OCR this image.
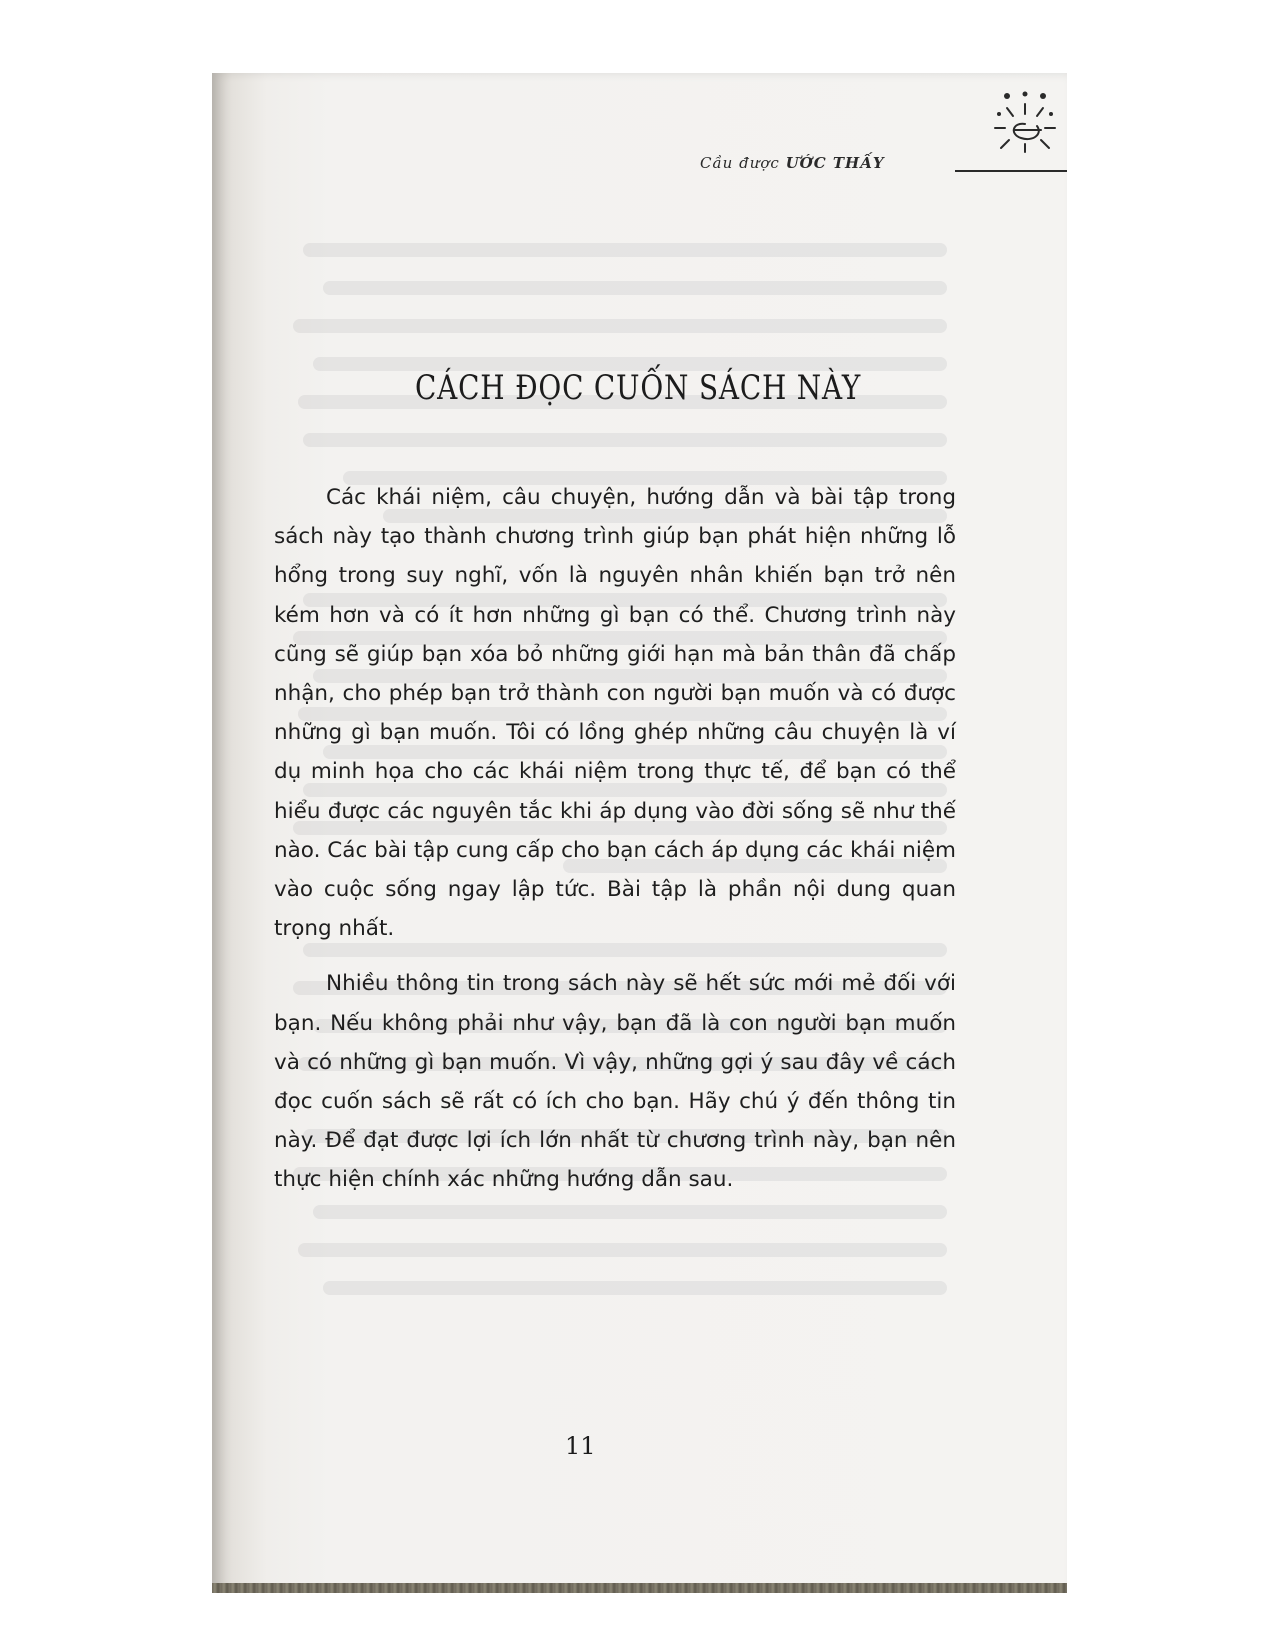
Cầu được ƯỚC THẤY
CÁCH ĐỌC CUỐN SÁCH NÀY

Các khái niệm, câu chuyện, hướng dẫn và bài tập trong sách này tạo thành chương trình giúp bạn phát hiện những lỗ hổng trong suy nghĩ, vốn là nguyên nhân khiến bạn trở nên kém hơn và có ít hơn những gì bạn có thể. Chương trình này cũng sẽ giúp bạn xóa bỏ những giới hạn mà bản thân đã chấp nhận, cho phép bạn trở thành con người bạn muốn và có được những gì bạn muốn. Tôi có lồng ghép những câu chuyện là ví dụ minh họa cho các khái niệm trong thực tế, để bạn có thể hiểu được các nguyên tắc khi áp dụng vào đời sống sẽ như thế nào. Các bài tập cung cấp cho bạn cách áp dụng các khái niệm vào cuộc sống ngay lập tức. Bài tập là phần nội dung quan trọng nhất.

Nhiều thông tin trong sách này sẽ hết sức mới mẻ đối với bạn. Nếu không phải như vậy, bạn đã là con người bạn muốn và có những gì bạn muốn. Vì vậy, những gợi ý sau đây về cách đọc cuốn sách sẽ rất có ích cho bạn. Hãy chú ý đến thông tin này. Để đạt được lợi ích lớn nhất từ chương trình này, bạn nên thực hiện chính xác những hướng dẫn sau.

11
